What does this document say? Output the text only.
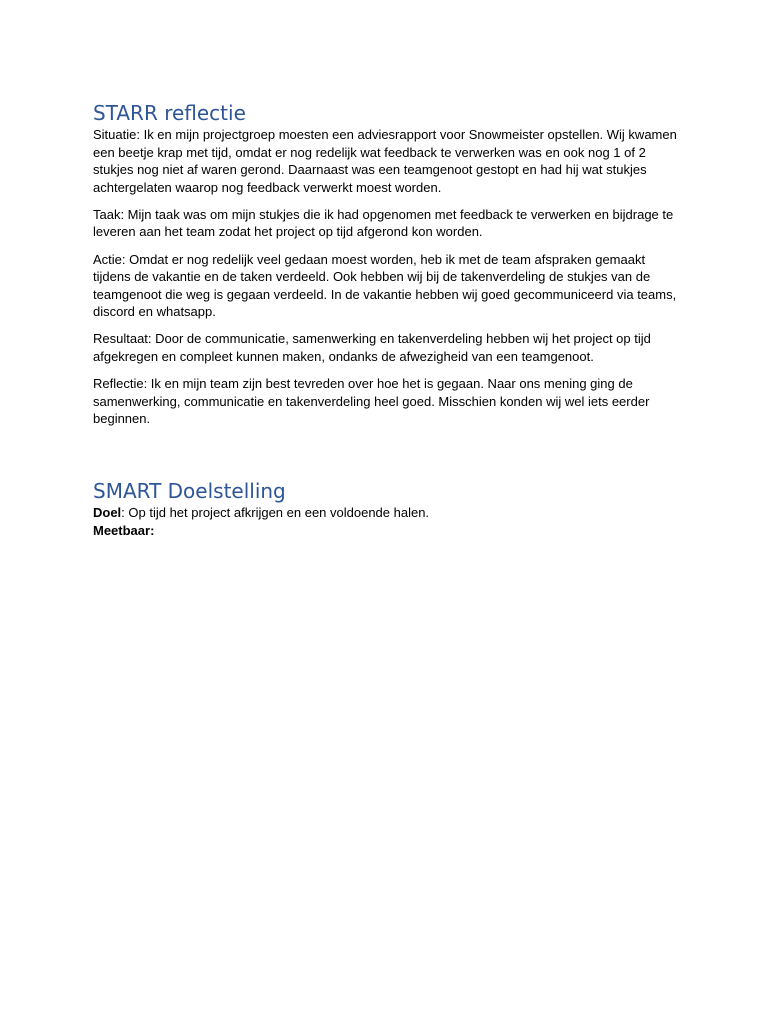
STARR reflectie

Situatie: Ik en mijn projectgroep moesten een adviesrapport voor Snowmeister opstellen. Wij kwamen een beetje krap met tijd, omdat er nog redelijk wat feedback te verwerken was en ook nog 1 of 2 stukjes nog niet af waren gerond. Daarnaast was een teamgenoot gestopt en had hij wat stukjes achtergelaten waarop nog feedback verwerkt moest worden.

Taak: Mijn taak was om mijn stukjes die ik had opgenomen met feedback te verwerken en bijdrage te leveren aan het team zodat het project op tijd afgerond kon worden.

Actie: Omdat er nog redelijk veel gedaan moest worden, heb ik met de team afspraken gemaakt tijdens de vakantie en de taken verdeeld. Ook hebben wij bij de takenverdeling de stukjes van de teamgenoot die weg is gegaan verdeeld. In de vakantie hebben wij goed gecommuniceerd via teams, discord en whatsapp.

Resultaat: Door de communicatie, samenwerking en takenverdeling hebben wij het project op tijd afgekregen en compleet kunnen maken, ondanks de afwezigheid van een teamgenoot.

Reflectie: Ik en mijn team zijn best tevreden over hoe het is gegaan. Naar ons mening ging de samenwerking, communicatie en takenverdeling heel goed. Misschien konden wij wel iets eerder beginnen.

SMART Doelstelling

Doel: Op tijd het project afkrijgen en een voldoende halen.

Meetbaar:
